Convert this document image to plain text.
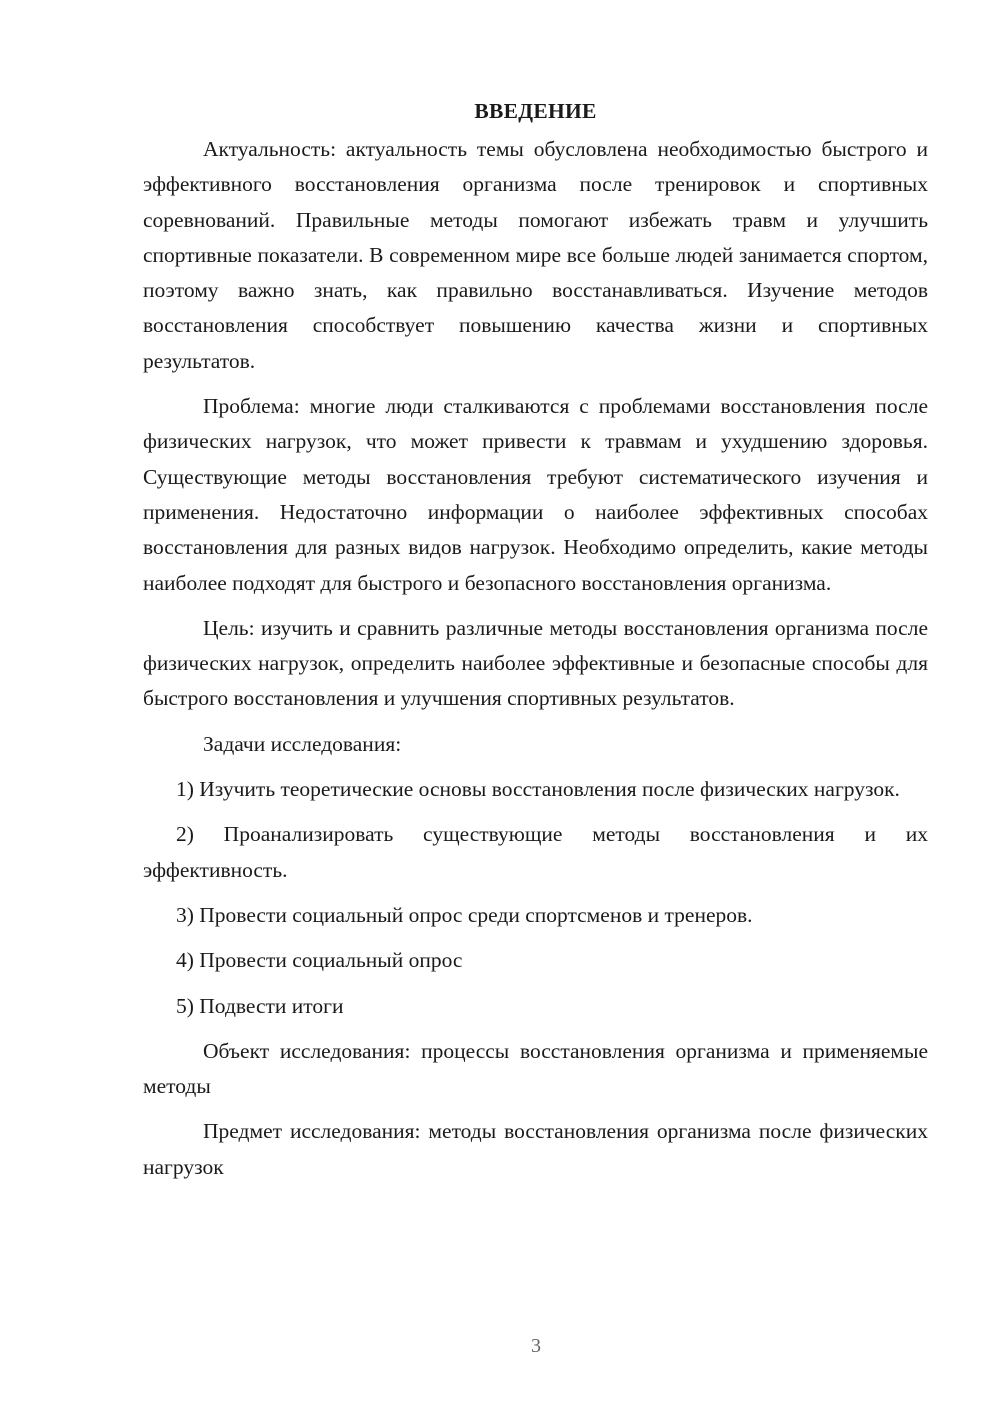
ВВЕДЕНИЕ

Актуальность: актуальность темы обусловлена необходимостью быстрого и эффективного восстановления организма после тренировок и спортивных соревнований. Правильные методы помогают избежать травм и улучшить спортивные показатели. В современном мире все больше людей занимается спортом, поэтому важно знать, как правильно восстанавливаться. Изучение методов восстановления способствует повышению качества жизни и спортивных результатов.

Проблема: многие люди сталкиваются с проблемами восстановления после физических нагрузок, что может привести к травмам и ухудшению здоровья. Существующие методы восстановления требуют систематического изучения и применения. Недостаточно информации о наиболее эффективных способах восстановления для разных видов нагрузок. Необходимо определить, какие методы наиболее подходят для быстрого и безопасного восстановления организма.

Цель: изучить и сравнить различные методы восстановления организма после физических нагрузок, определить наиболее эффективные и безопасные способы для быстрого восстановления и улучшения спортивных результатов.

Задачи исследования:

1) Изучить теоретические основы восстановления после физических нагрузок.

2) Проанализировать существующие методы восстановления и их эффективность.

3) Провести социальный опрос среди спортсменов и тренеров.

4) Провести социальный опрос

5) Подвести итоги

Объект исследования: процессы восстановления организма и применяемые методы

Предмет исследования: методы восстановления организма после физических нагрузок

3
